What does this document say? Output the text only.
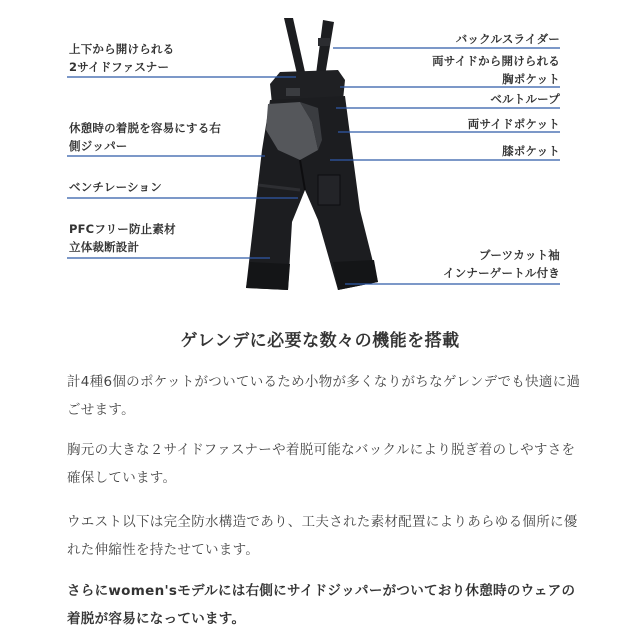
上下から開けられる
2サイドファスナー
休憩時の着脱を容易にする右
側ジッパー
ベンチレーション
PFCフリー防止素材
立体裁断設計
バックルスライダー
両サイドから開けられる
胸ポケット
ベルトループ
両サイドポケット
膝ポケット
ブーツカット袖
インナーゲートル付き
ゲレンデに必要な数々の機能を搭載
計4種6個のポケットがついているため小物が多くなりがちなゲレンデでも快適に過ごせます。
胸元の大きな２サイドファスナーや着脱可能なバックルにより脱ぎ着のしやすさを確保しています。
ウエスト以下は完全防水構造であり、工夫された素材配置によりあらゆる個所に優れた伸縮性を持たせています。
さらにwomen'sモデルには右側にサイドジッパーがついており休憩時のウェアの着脱が容易になっています。
